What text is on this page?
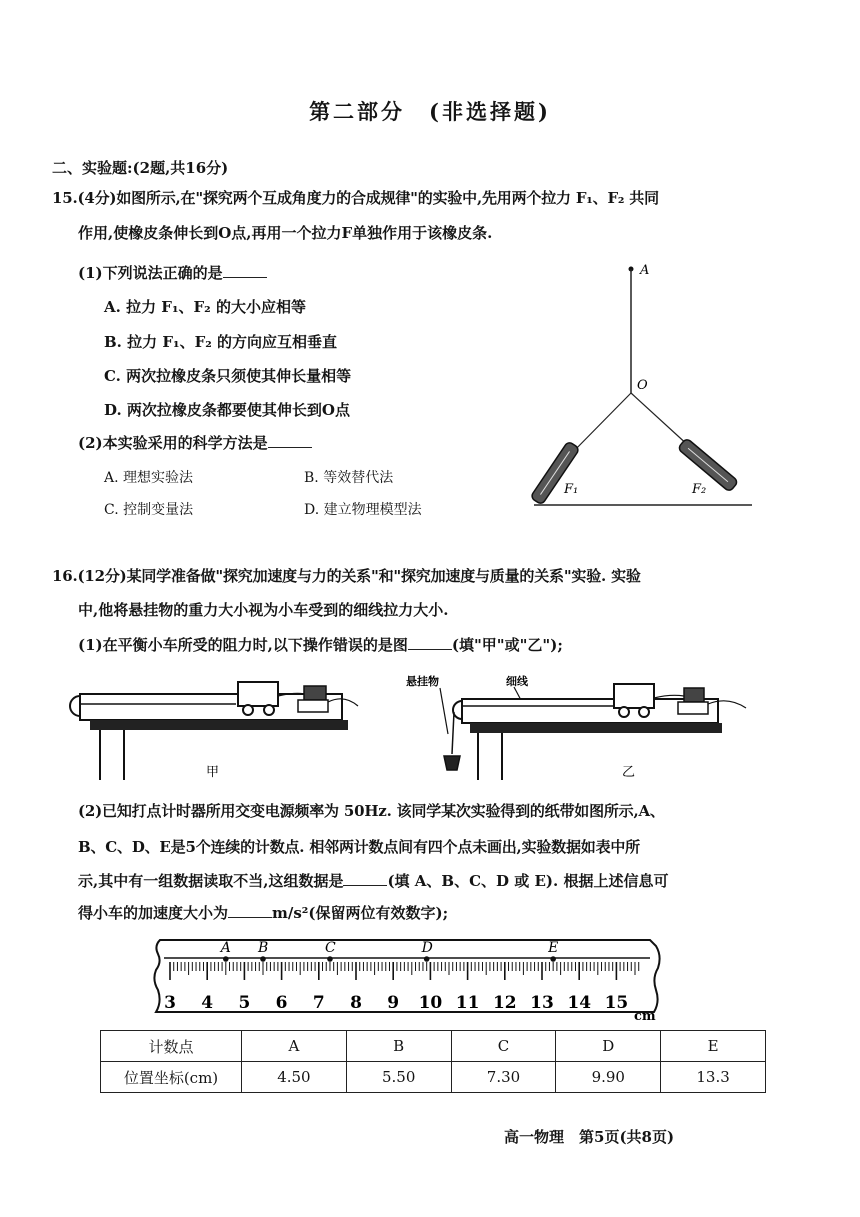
第二部分　(非选择题)
二、实验题:(2题,共16分)
15.(4分)如图所示,在"探究两个互成角度力的合成规律"的实验中,先用两个拉力 F₁、F₂ 共同
作用,使橡皮条伸长到O点,再用一个拉力F单独作用于该橡皮条.
(1)下列说法正确的是
A. 拉力 F₁、F₂ 的大小应相等
B. 拉力 F₁、F₂ 的方向应互相垂直
C. 两次拉橡皮条只须使其伸长量相等
D. 两次拉橡皮条都要使其伸长到O点
(2)本实验采用的科学方法是
A. 理想实验法	B. 等效替代法
C. 控制变量法	D. 建立物理模型法
A
O
F₁	F₂
16.(12分)某同学准备做"探究加速度与力的关系"和"探究加速度与质量的关系"实验. 实验
中,他将悬挂物的重力大小视为小车受到的细线拉力大小.
(1)在平衡小车所受的阻力时,以下操作错误的是图	(填"甲"或"乙");
甲
悬挂物	细线
乙
(2)已知打点计时器所用交变电源频率为 50Hz. 该同学某次实验得到的纸带如图所示,A、
B、C、D、E是5个连续的计数点. 相邻两计数点间有四个点未画出,实验数据如表中所
示,其中有一组数据读取不当,这组数据是	(填 A、B、C、D 或 E). 根据上述信息可
得小车的加速度大小为	m/s²(保留两位有效数字);
3 4 5 6 7 8 9 10 11 12 13 14 15
A B	C	D	E
cm
计数点	A	B	C	D	E
位置坐标(cm)	4.50	5.50	7.30	9.90	13.3
高一物理　第5页(共8页)
